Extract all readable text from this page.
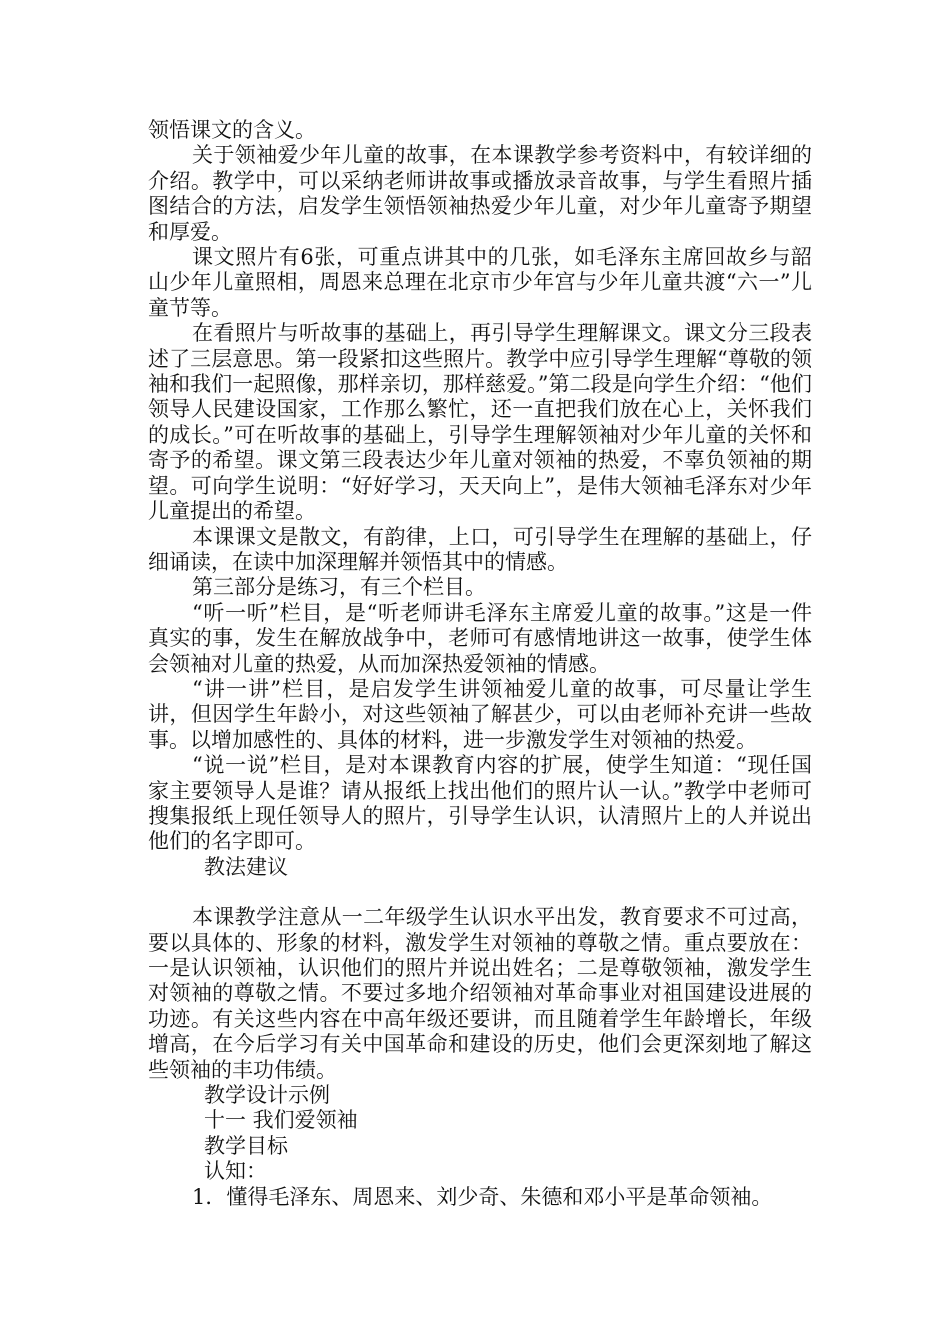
领悟课文的含义。

关于领袖爱少年儿童的故事，在本课教学参考资料中，有较详细的介绍。教学中，可以采纳老师讲故事或播放录音故事，与学生看照片插图结合的方法，启发学生领悟领袖热爱少年儿童，对少年儿童寄予期望和厚爱。

课文照片有6张，可重点讲其中的几张，如毛泽东主席回故乡与韶山少年儿童照相，周恩来总理在北京市少年宫与少年儿童共渡“六一”儿童节等。

在看照片与听故事的基础上，再引导学生理解课文。课文分三段表述了三层意思。第一段紧扣这些照片。教学中应引导学生理解“尊敬的领袖和我们一起照像，那样亲切，那样慈爱。”第二段是向学生介绍：“他们领导人民建设国家，工作那么繁忙，还一直把我们放在心上，关怀我们的成长。”可在听故事的基础上，引导学生理解领袖对少年儿童的关怀和寄予的希望。课文第三段表达少年儿童对领袖的热爱，不辜负领袖的期望。可向学生说明：“好好学习，天天向上”，是伟大领袖毛泽东对少年儿童提出的希望。

本课课文是散文，有韵律，上口，可引导学生在理解的基础上，仔细诵读，在读中加深理解并领悟其中的情感。

第三部分是练习，有三个栏目。

“听一听”栏目，是“听老师讲毛泽东主席爱儿童的故事。”这是一件真实的事，发生在解放战争中，老师可有感情地讲这一故事，使学生体会领袖对儿童的热爱，从而加深热爱领袖的情感。

“讲一讲”栏目，是启发学生讲领袖爱儿童的故事，可尽量让学生讲，但因学生年龄小，对这些领袖了解甚少，可以由老师补充讲一些故事。以增加感性的、具体的材料，进一步激发学生对领袖的热爱。

“说一说”栏目，是对本课教育内容的扩展，使学生知道：“现任国家主要领导人是谁？请从报纸上找出他们的照片认一认。”教学中老师可搜集报纸上现任领导人的照片，引导学生认识，认清照片上的人并说出他们的名字即可。

教法建议

本课教学注意从一二年级学生认识水平出发，教育要求不可过高，要以具体的、形象的材料，激发学生对领袖的尊敬之情。重点要放在：一是认识领袖，认识他们的照片并说出姓名；二是尊敬领袖，激发学生对领袖的尊敬之情。不要过多地介绍领袖对革命事业对祖国建设进展的功迹。有关这些内容在中高年级还要讲，而且随着学生年龄增长，年级增高，在今后学习有关中国革命和建设的历史，他们会更深刻地了解这些领袖的丰功伟绩。

教学设计示例

十一 我们爱领袖

教学目标

认知：

1．懂得毛泽东、周恩来、刘少奇、朱德和邓小平是革命领袖。
